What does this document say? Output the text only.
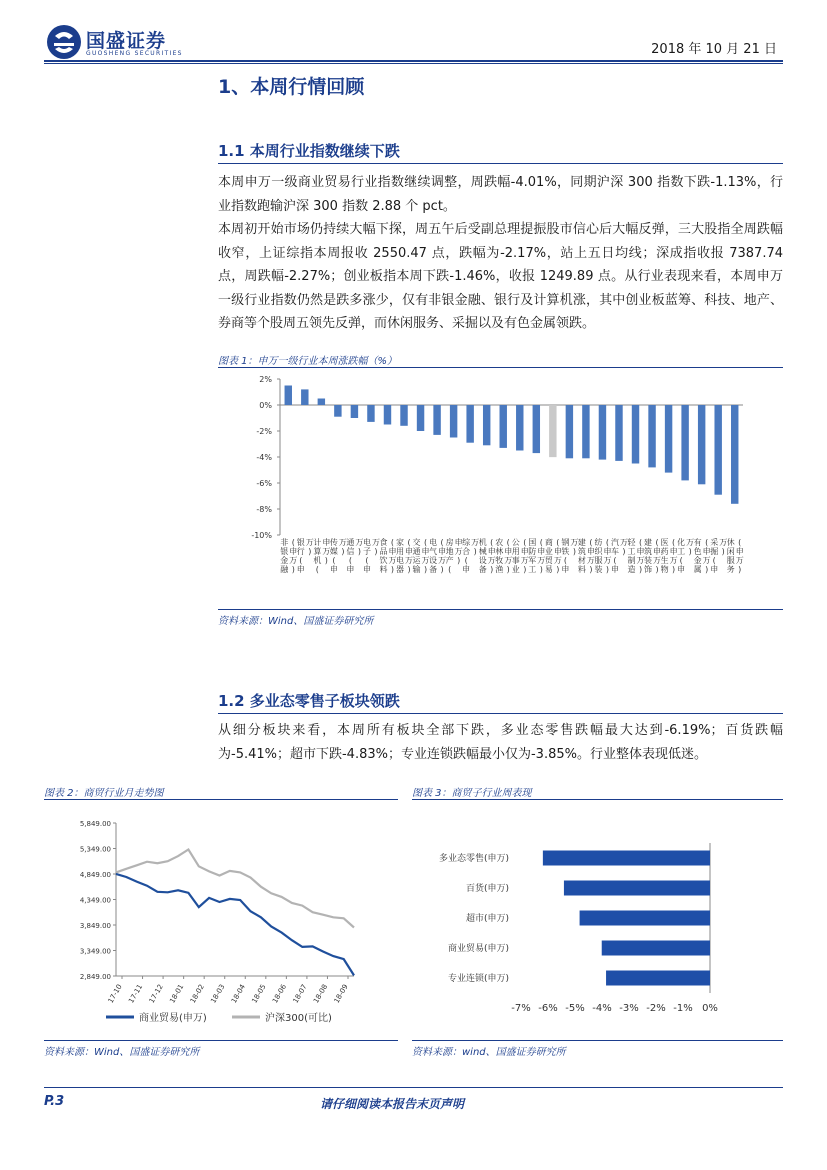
国盛证券
GUOSHENG SECURITIES	2018 年 10 月 21 日
1、本周行情回顾
1.1 本周行业指数继续下跌
本周申万一级商业贸易行业指数继续调整，周跌幅-4.01%，同期沪深 300 指数下跌-1.13%，行业指数跑输沪深 300 指数 2.88 个 pct。
本周初开始市场仍持续大幅下探，周五午后受副总理提振股市信心后大幅反弹，三大股指全周跌幅收窄，上证综指本周报收 2550.47 点，跌幅为-2.17%，站上五日均线；深成指收报 7387.74 点，周跌幅-2.27%；创业板指本周下跌-1.46%，收报 1249.89 点。从行业表现来看，本周申万一级行业指数仍然是跌多涨少，仅有非银金融、银行及计算机涨，其中创业板蓝筹、科技、地产、券商等个股周五领先反弹，而休闲服务、采掘以及有色金属领跌。
图表 1：申万一级行业本周涨跌幅（%）
2%
0%
-2%
-4%
-6%
-8%
-10%
非
银
金
融
(
申
万
)
银
行
(
申
万
)
计
算
机
(
申
万
)
传
媒
(
申
万
)
通
信
(
申
万
)
电
子
(
申
万
)
食
品
饮
料
(
申
万
)
家
用
电
器
(
申
万
)
交
通
运
输
(
申
万
)
电
气
设
备
(
申
万
)
房
地
产
(
申
万
)
综
合
(
申
万
)
机
械
设
备
(
申
万
)
农
林
牧
渔
(
申
万
)
公
用
事
业
(
申
万
)
国
防
军
工
(
申
万
)
商
业
贸
易
(
申
万
)
钢
铁
(
申
万
)
建
筑
材
料
(
申
万
)
纺
织
服
装
(
申
万
)
汽
车
(
申
万
)
轻
工
制
造
(
申
万
)
建
筑
装
饰
(
申
万
)
医
药
生
物
(
申
万
)
化
工
(
申
万
)
有
色
金
属
(
申
万
)
采
掘
(
申
万
)
休
闲
服
务
(
申
万
)
资料来源：Wind、国盛证券研究所
1.2 多业态零售子板块领跌
从细分板块来看，本周所有板块全部下跌，多业态零售跌幅最大达到-6.19%；百货跌幅为-5.41%；超市下跌-4.83%；专业连锁跌幅最小仅为-3.85%。行业整体表现低迷。
图表 2：商贸行业月走势图
5,849.00
5,349.00
4,849.00
4,349.00
3,849.00
3,349.00
2,849.00
17-10 17-11 17-12 18-01 18-02 18-03 18-04 18-05 18-06 18-07 18-08 18-09
商业贸易(申万)	沪深300(可比)
资料来源：Wind、国盛证券研究所
图表 3：商贸子行业周表现
-7% -6% -5% -4% -3% -2% -1% 0%
多业态零售(申万)
百货(申万)
超市(申万)
商业贸易(申万)
专业连锁(申万)
资料来源：wind、国盛证券研究所
P.3	请仔细阅读本报告末页声明
